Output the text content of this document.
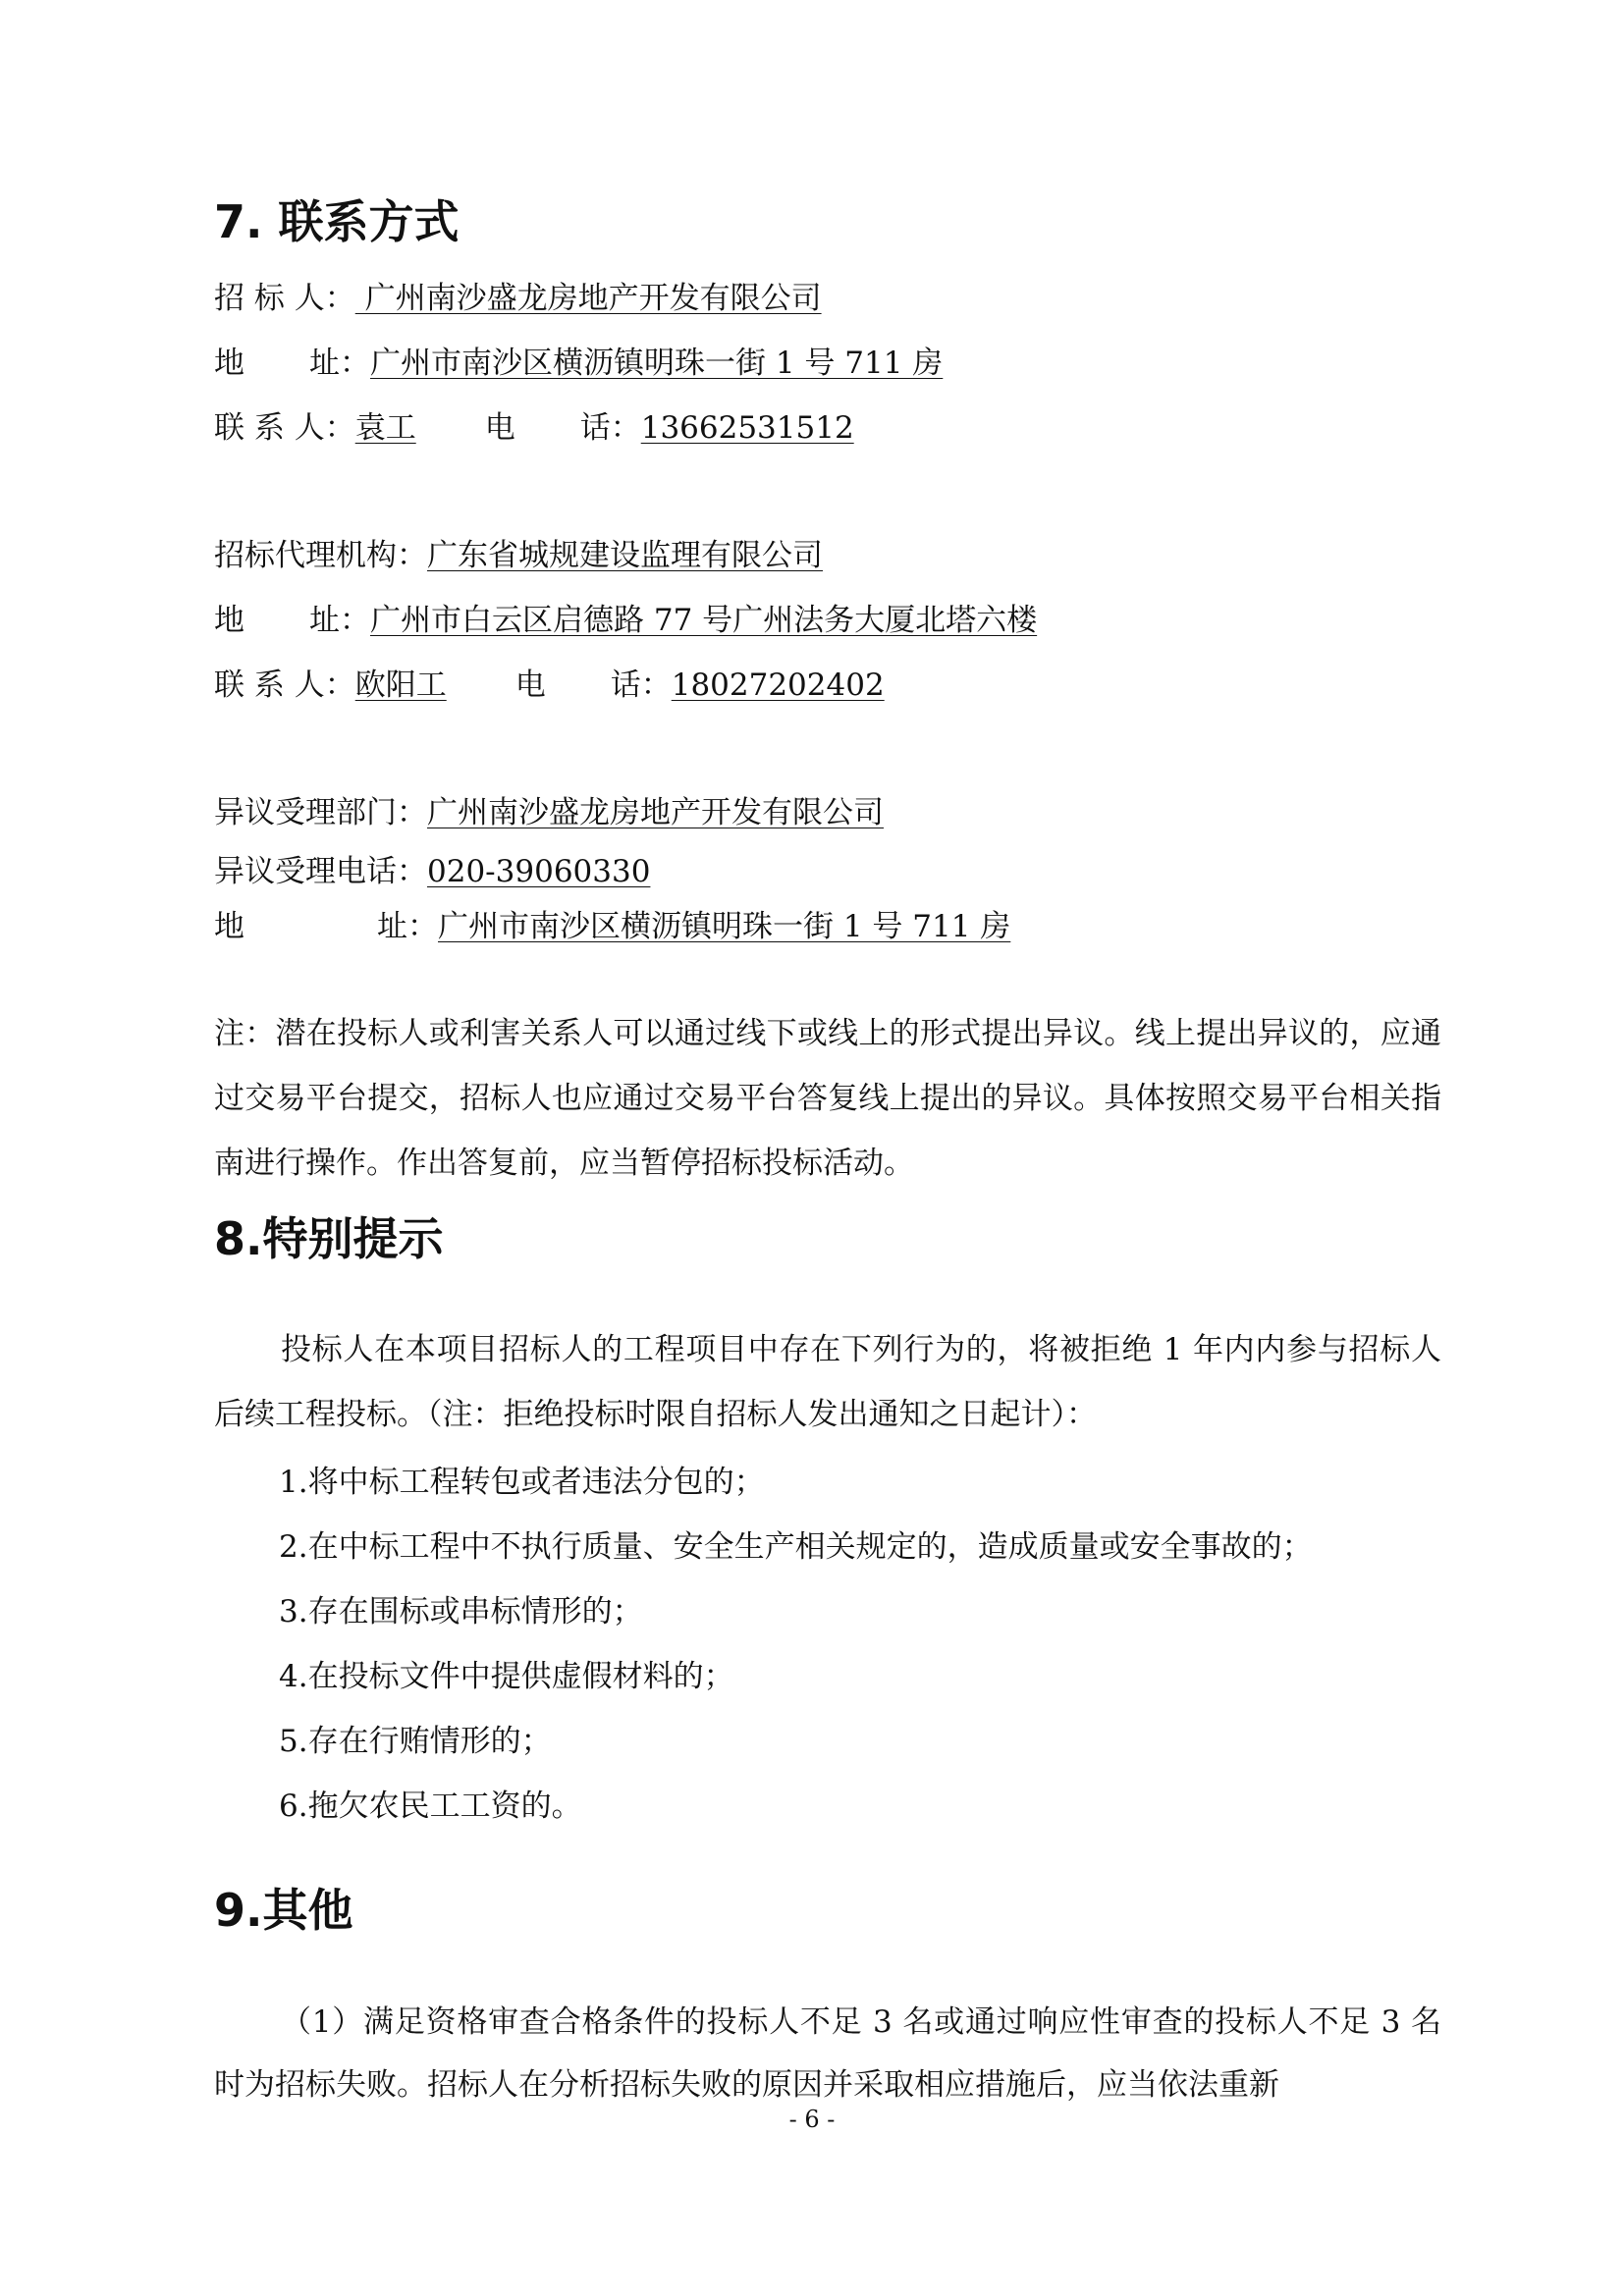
7. 联系方式
招 标 人： 广州南沙盛龙房地产开发有限公司
地 址：广州市南沙区横沥镇明珠一街 1 号 711 房
联 系 人：袁工 电 话：13662531512
招标代理机构：广东省城规建设监理有限公司
地 址：广州市白云区启德路 77 号广州法务大厦北塔六楼
联 系 人：欧阳工 电 话：18027202402
异议受理部门：广州南沙盛龙房地产开发有限公司
异议受理电话：020-39060330
地	址：广州市南沙区横沥镇明珠一街 1 号 711 房
注：潜在投标人或利害关系人可以通过线下或线上的形式提出异议。线上提出异议的，应通过交易平台提交，招标人也应通过交易平台答复线上提出的异议。具体按照交易平台相关指南进行操作。作出答复前，应当暂停招标投标活动。
8.特别提示
投标人在本项目招标人的工程项目中存在下列行为的，将被拒绝 1 年内内参与招标人后续工程投标。（注：拒绝投标时限自招标人发出通知之日起计）：
1.将中标工程转包或者违法分包的；
2.在中标工程中不执行质量、安全生产相关规定的，造成质量或安全事故的；
3.存在围标或串标情形的；
4.在投标文件中提供虚假材料的；
5.存在行贿情形的；
6.拖欠农民工工资的。
9.其他
（1）满足资格审查合格条件的投标人不足 3 名或通过响应性审查的投标人不足 3 名时为招标失败。招标人在分析招标失败的原因并采取相应措施后，应当依法重新
- 6 -
